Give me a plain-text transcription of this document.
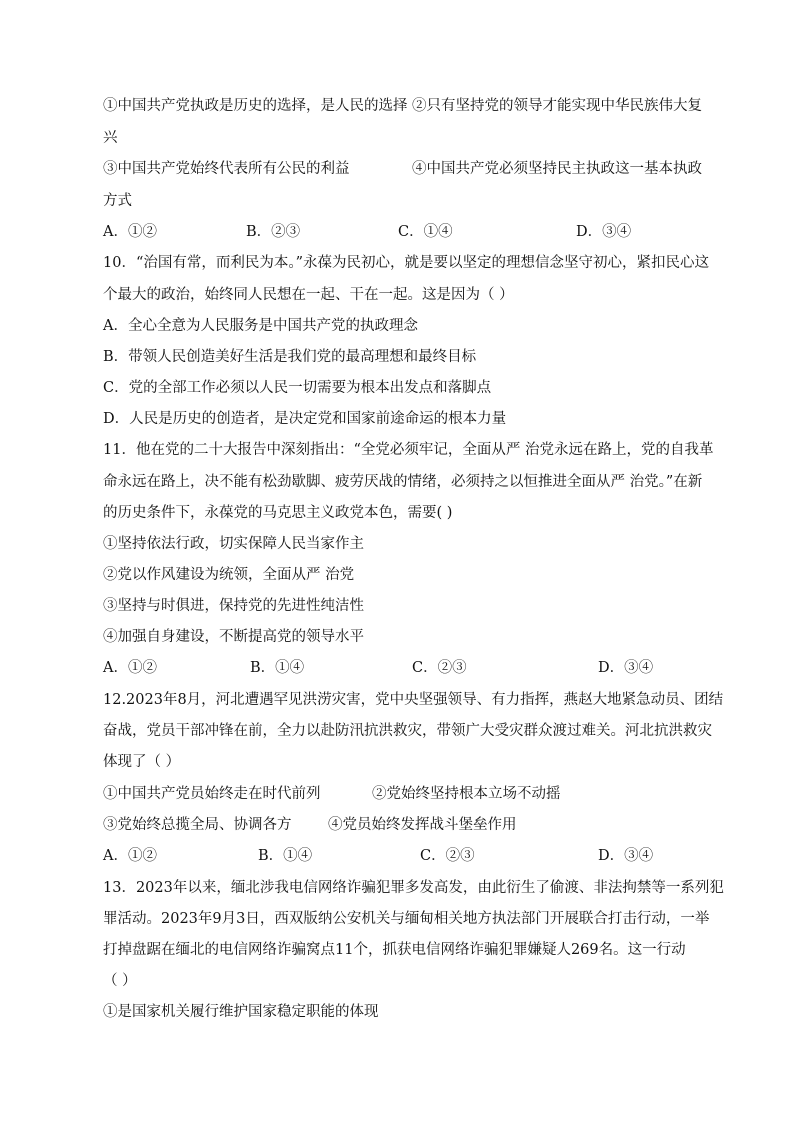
①中国共产党执政是历史的选择，是人民的选择 ②只有坚持党的领导才能实现中华民族伟大复
兴
③中国共产党始终代表所有公民的利益	④中国共产党必须坚持民主执政这一基本执政
方式
A．①②	B．②③	C．①④	D．③④
10．“治国有常，而利民为本。”永葆为民初心，就是要以坚定的理想信念坚守初心，紧扣民心这
个最大的政治，始终同人民想在一起、干在一起。这是因为（ ）
A．全心全意为人民服务是中国共产党的执政理念
B．带领人民创造美好生活是我们党的最高理想和最终目标
C．党的全部工作必须以人民一切需要为根本出发点和落脚点
D．人民是历史的创造者，是决定党和国家前途命运的根本力量
11．他在党的二十大报告中深刻指出：“全党必须牢记，全面从严 治党永远在路上，党的自我革
命永远在路上，决不能有松劲歇脚、疲劳厌战的情绪，必须持之以恒推进全面从严 治党。”在新
的历史条件下，永葆党的马克思主义政党本色，需要( )
①坚持依法行政，切实保障人民当家作主
②党以作风建设为统领，全面从严 治党
③坚持与时俱进，保持党的先进性纯洁性
④加强自身建设，不断提高党的领导水平
A．①②	B．①④	C．②③	D．③④
12.2023年8月，河北遭遇罕见洪涝灾害，党中央坚强领导、有力指挥，燕赵大地紧急动员、团结
奋战，党员干部冲锋在前，全力以赴防汛抗洪救灾，带领广大受灾群众渡过难关。河北抗洪救灾
体现了（ ）
①中国共产党员始终走在时代前列	②党始终坚持根本立场不动摇
③党始终总揽全局、协调各方	④党员始终发挥战斗堡垒作用
A．①②	B．①④	C．②③	D．③④
13．2023年以来，缅北涉我电信网络诈骗犯罪多发高发，由此衍生了偷渡、非法拘禁等一系列犯
罪活动。2023年9月3日，西双版纳公安机关与缅甸相关地方执法部门开展联合打击行动，一举
打掉盘踞在缅北的电信网络诈骗窝点11个，抓获电信网络诈骗犯罪嫌疑人269名。这一行动
（ ）
①是国家机关履行维护国家稳定职能的体现
